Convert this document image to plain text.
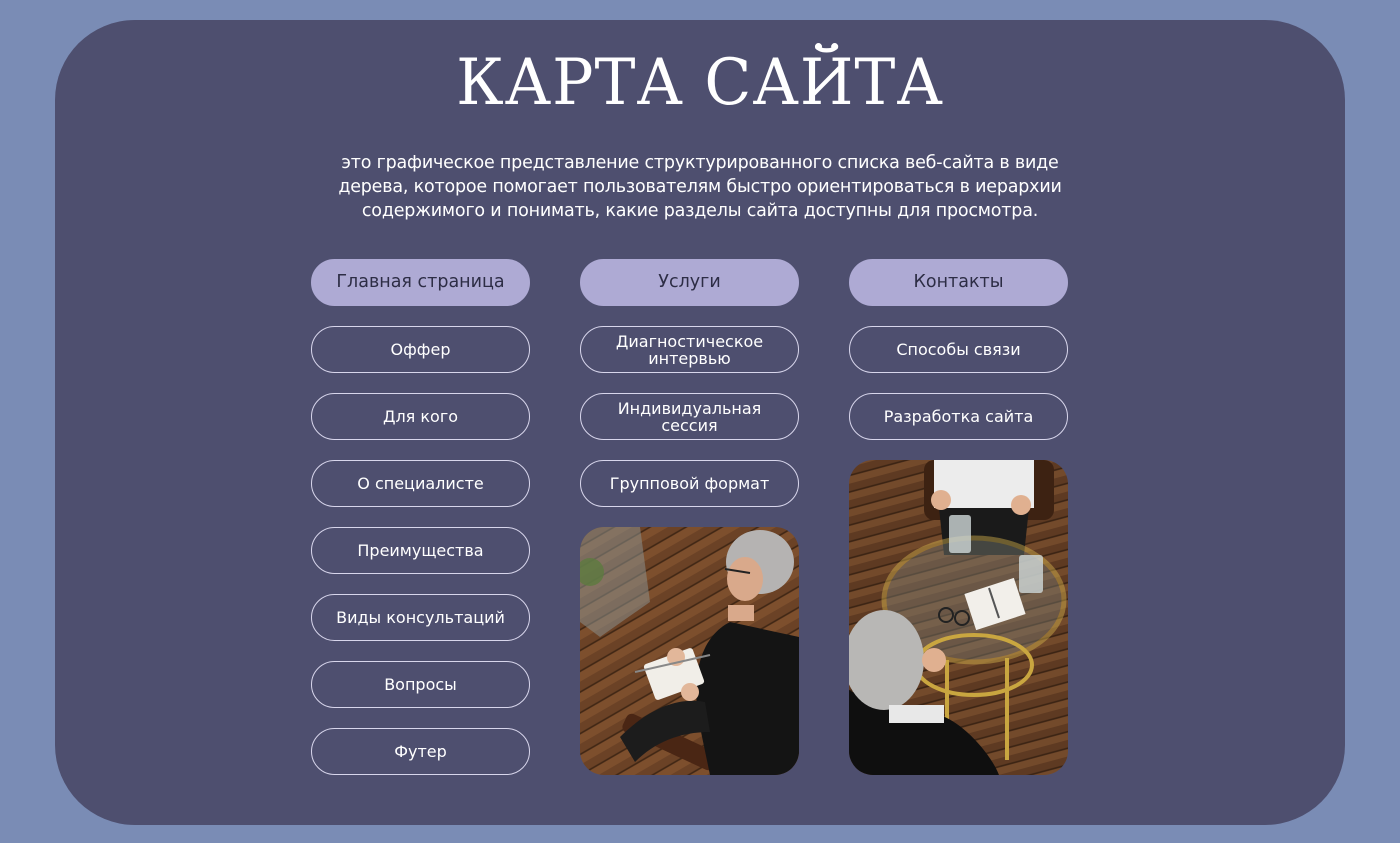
КАРТА САЙТА

это графическое представление структурированного списка веб-сайта в виде дерева, которое помогает пользователям быстро ориентироваться в иерархии содержимого и понимать, какие разделы сайта доступны для просмотра.

Главная страница
Оффер
Для кого
О специалисте
Преимущества
Виды консультаций
Вопросы
Футер
Услуги
Диагностическое интервью
Индивидуальная сессия
Групповой формат
Контакты
Способы связи
Разработка сайта
